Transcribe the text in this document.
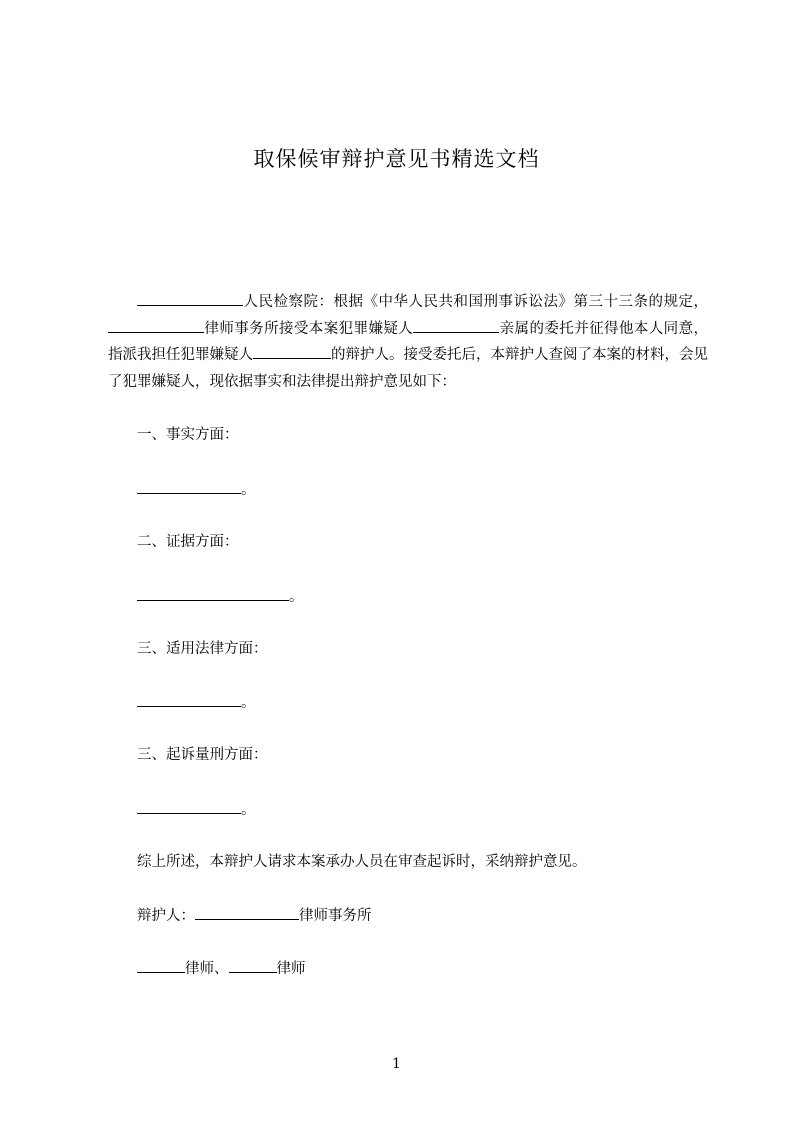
取保候审辩护意见书精选文档

人民检察院：根据《中华人民共和国刑事诉讼法》第三十三条的规定，律师事务所接受本案犯罪嫌疑人	亲属的委托并征得他本人同意，指派我担任犯罪嫌疑人	的辩护人。接受委托后，本辩护人查阅了本案的材料，会见了犯罪嫌疑人，现依据事实和法律提出辩护意见如下：

一、事实方面：
。
二、证据方面：
。
三、适用法律方面：
。
三、起诉量刑方面：
。
综上所述，本辩护人请求本案承办人员在审查起诉时，采纳辩护意见。
辩护人：	律师事务所
律师、	律师
1
